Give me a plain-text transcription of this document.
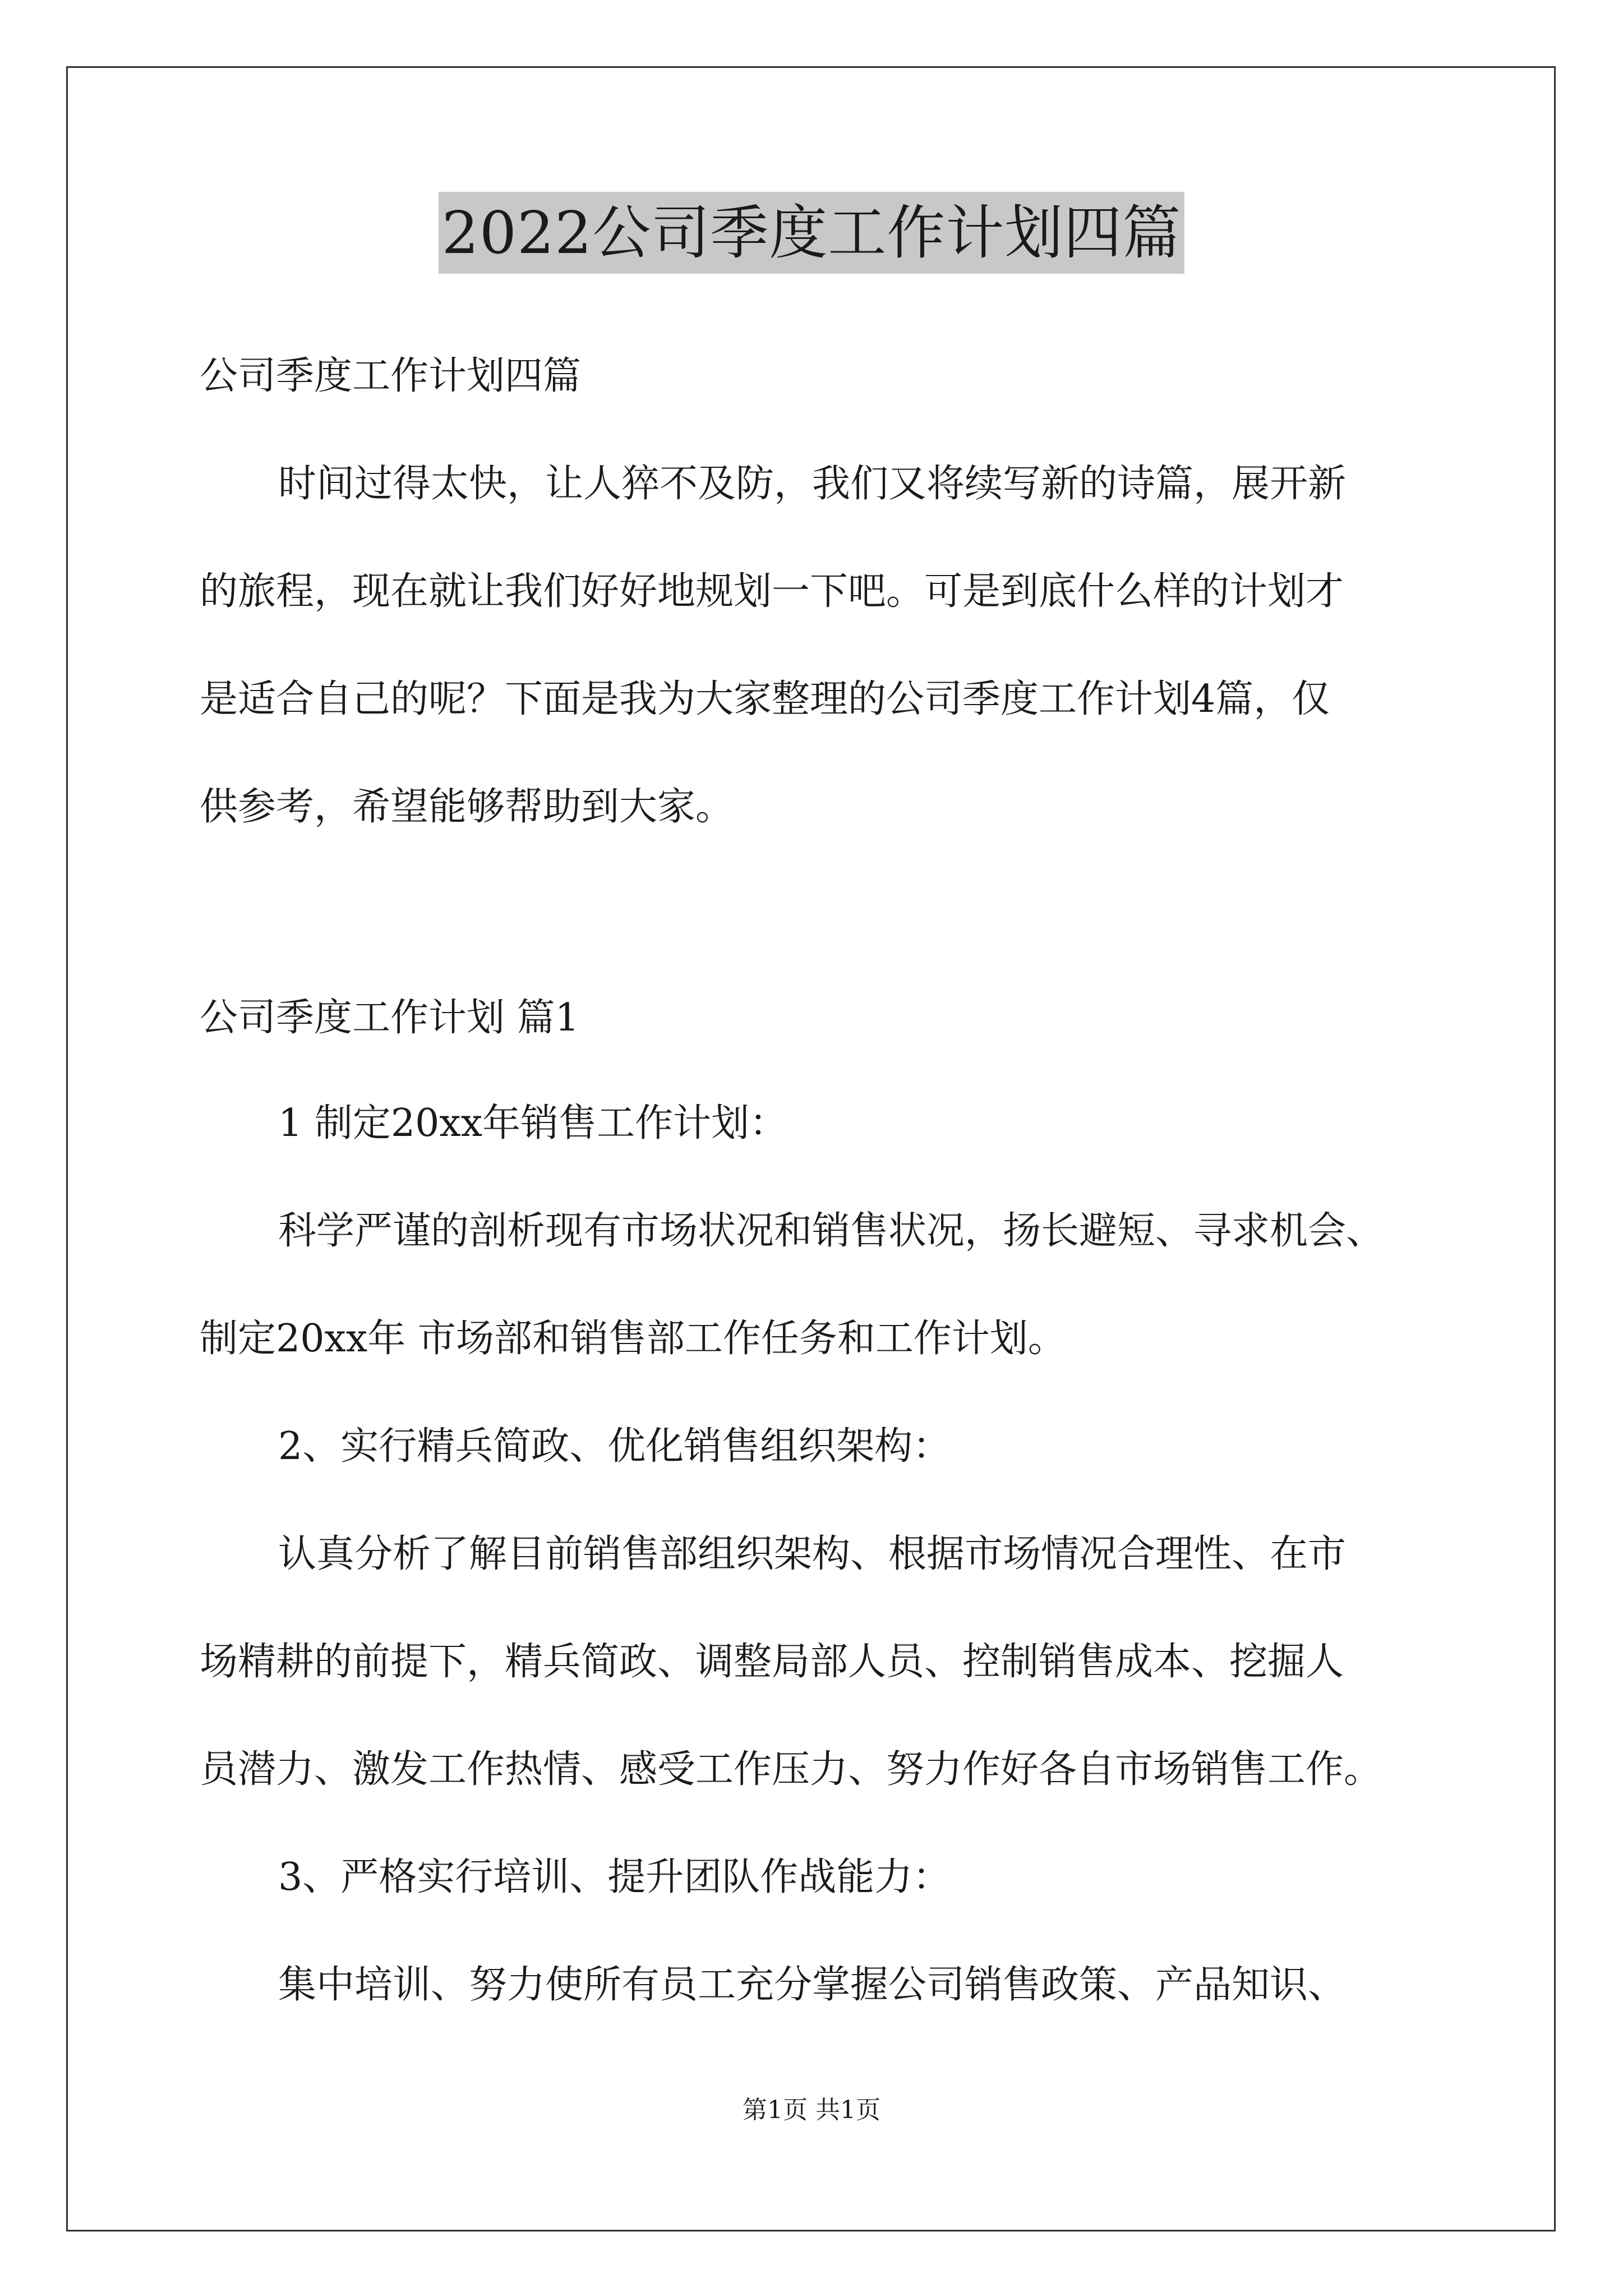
2022公司季度工作计划四篇
公司季度工作计划四篇
时间过得太快，让人猝不及防，我们又将续写新的诗篇，展开新
的旅程，现在就让我们好好地规划一下吧。可是到底什么样的计划才
是适合自己的呢？下面是我为大家整理的公司季度工作计划4篇，仅
供参考，希望能够帮助到大家。
公司季度工作计划 篇1
1 制定20xx年销售工作计划：
科学严谨的剖析现有市场状况和销售状况，扬长避短、寻求机会、
制定20xx年 市场部和销售部工作任务和工作计划。
2、实行精兵简政、优化销售组织架构：
认真分析了解目前销售部组织架构、根据市场情况合理性、在市
场精耕的前提下，精兵简政、调整局部人员、控制销售成本、挖掘人
员潜力、激发工作热情、感受工作压力、努力作好各自市场销售工作。
3、严格实行培训、提升团队作战能力：
集中培训、努力使所有员工充分掌握公司销售政策、产品知识、
第1页 共1页
